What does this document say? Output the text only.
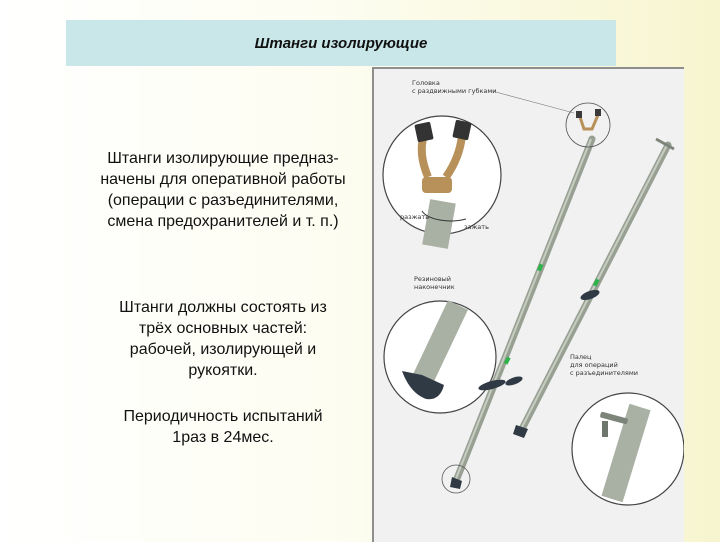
Штанги изолирующие
Штанги изолирующие предназ-
начены для оперативной работы
(операции с разъединителями,
смена предохранителей и т. п.)
Штанги должны состоять из
трёх основных частей:
рабочей, изолирующей и
рукоятки.
Периодичность испытаний
1раз в 24мес.
Головка
с раздвижными губками
разжать
зажать
Резиновый
наконечник
Палец
для операций
с разъединителями
